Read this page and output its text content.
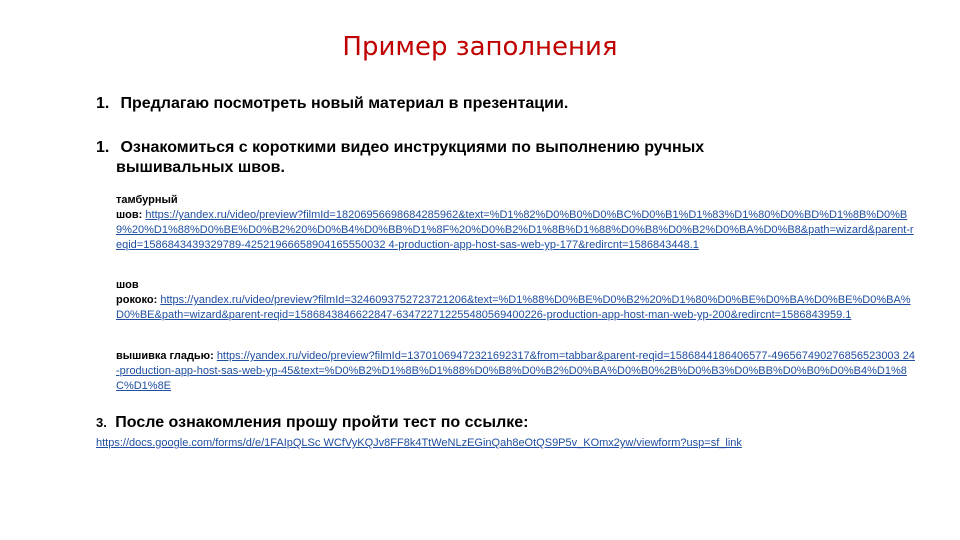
Пример заполнения
1. Предлагаю посмотреть новый материал в презентации.
1. Ознакомиться с короткими видео инструкциями по выполнению ручных
вышивальных швов.
тамбурный
шов: https://yandex.ru/video/preview?filmId=18206956698684285962&text=%D1%82%D0%B0%D0%BC%D0%B1%D1%83%D1%80%D0%BD%D1%8B%D0%B9%20%D1%88%D0%BE%D0%B2%20%D0%B4%D0%BB%D1%8F%20%D0%B2%D1%8B%D1%88%D0%B8%D0%B2%D0%BA%D0%B8&path=wizard&parent-reqid=1586843439329789-42521966658904165550032 4-production-app-host-sas-web-yp-177&redircnt=1586843448.1
шов
рококо: https://yandex.ru/video/preview?filmId=3246093752723721206&text=%D1%88%D0%BE%D0%B2%20%D1%80%D0%BE%D0%BA%D0%BE%D0%BA%D0%BE&path=wizard&parent-reqid=1586843846622847-634722712255480569400226-production-app-host-man-web-yp-200&redircnt=1586843959.1
вышивка гладью: https://yandex.ru/video/preview?filmId=13701069472321692317&from=tabbar&parent-reqid=1586844186406577-496567490276856523003 24-production-app-host-sas-web-yp-45&text=%D0%B2%D1%8B%D1%88%D0%B8%D0%B2%D0%BA%D0%B0%2B%D0%B3%D0%BB%D0%B0%D0%B4%D1%8C%D1%8E
3. После ознакомления прошу пройти тест по ссылке:
https://docs.google.com/forms/d/e/1FAIpQLSc WCfVyKQJv8FF8k4TtWeNLzEGinQah8eOtQS9P5v_KOmx2yw/viewform?usp=sf_link
